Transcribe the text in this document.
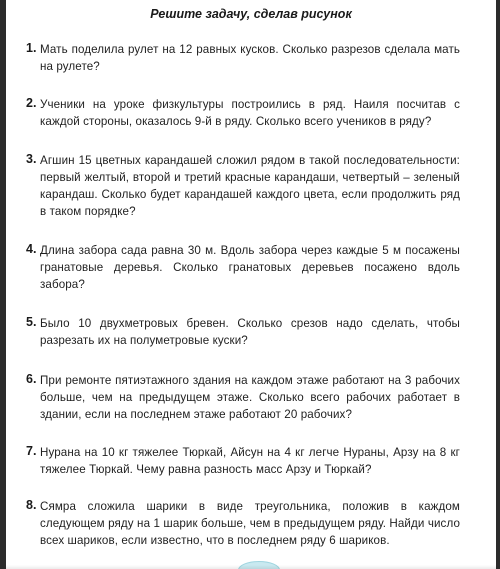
Решите задачу, сделав рисунок
1. Мать поделила рулет на 12 равных кусков. Сколько разрезов сделала мать на рулете?
2. Ученики на уроке физкультуры построились в ряд. Наиля посчитав с каждой стороны, оказалось 9-й в ряду. Сколько всего учеников в ряду?
3. Агшин 15 цветных карандашей сложил рядом в такой последовательности: первый желтый, второй и третий красные карандаши, четвертый – зеленый карандаш. Сколько будет карандашей каждого цвета, если продолжить ряд в таком порядке?
4. Длина забора сада равна 30 м. Вдоль забора через каждые 5 м посажены гранатовые деревья. Сколько гранатовых деревьев посажено вдоль забора?
5. Было 10 двухметровых бревен. Сколько срезов надо сделать, чтобы разрезать их на полуметровые куски?
6. При ремонте пятиэтажного здания на каждом этаже работают на 3 рабочих больше, чем на предыдущем этаже. Сколько всего рабочих работает в здании, если на последнем этаже работают 20 рабочих?
7. Нурана на 10 кг тяжелее Тюркай, Айсун на 4 кг легче Нураны, Арзу на 8 кг тяжелее Тюркай. Чему равна разность масс Арзу и Тюркай?
8. Сямра сложила шарики в виде треугольника, положив в каждом следующем ряду на 1 шарик больше, чем в предыдущем ряду. Найди число всех шариков, если известно, что в последнем ряду 6 шариков.
